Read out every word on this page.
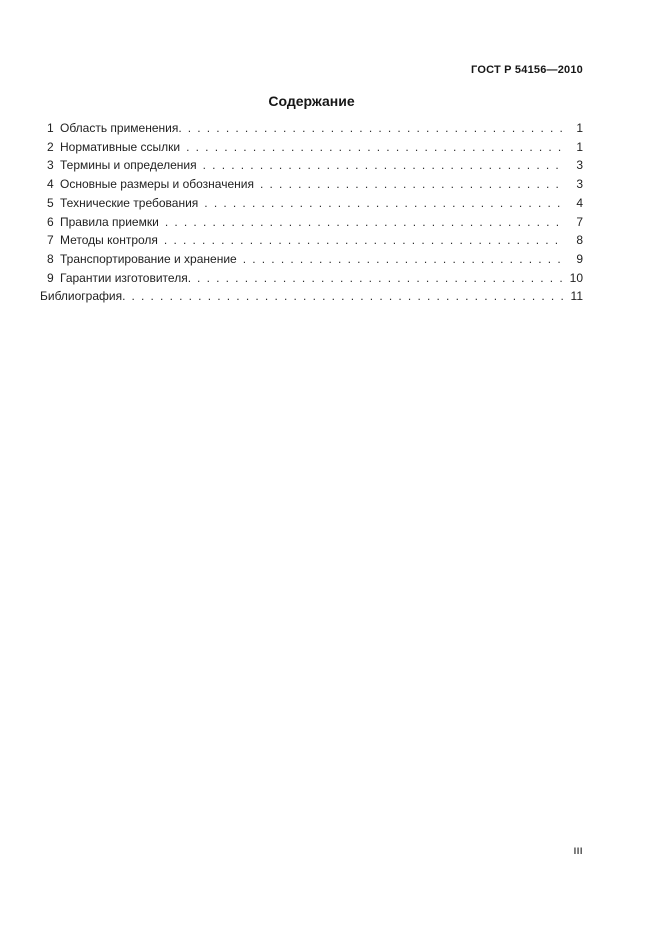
ГОСТ Р 54156—2010
Содержание
1 Область применения. .....	1
2 Нормативные ссылки .....	1
3 Термины и определения .....	3
4 Основные размеры и обозначения .....	3
5 Технические требования .....	4
6 Правила приемки .....	7
7 Методы контроля .....	8
8 Транспортирование и хранение .....	9
9 Гарантии изготовителя. .....	10
Библиография. .....	11
III
